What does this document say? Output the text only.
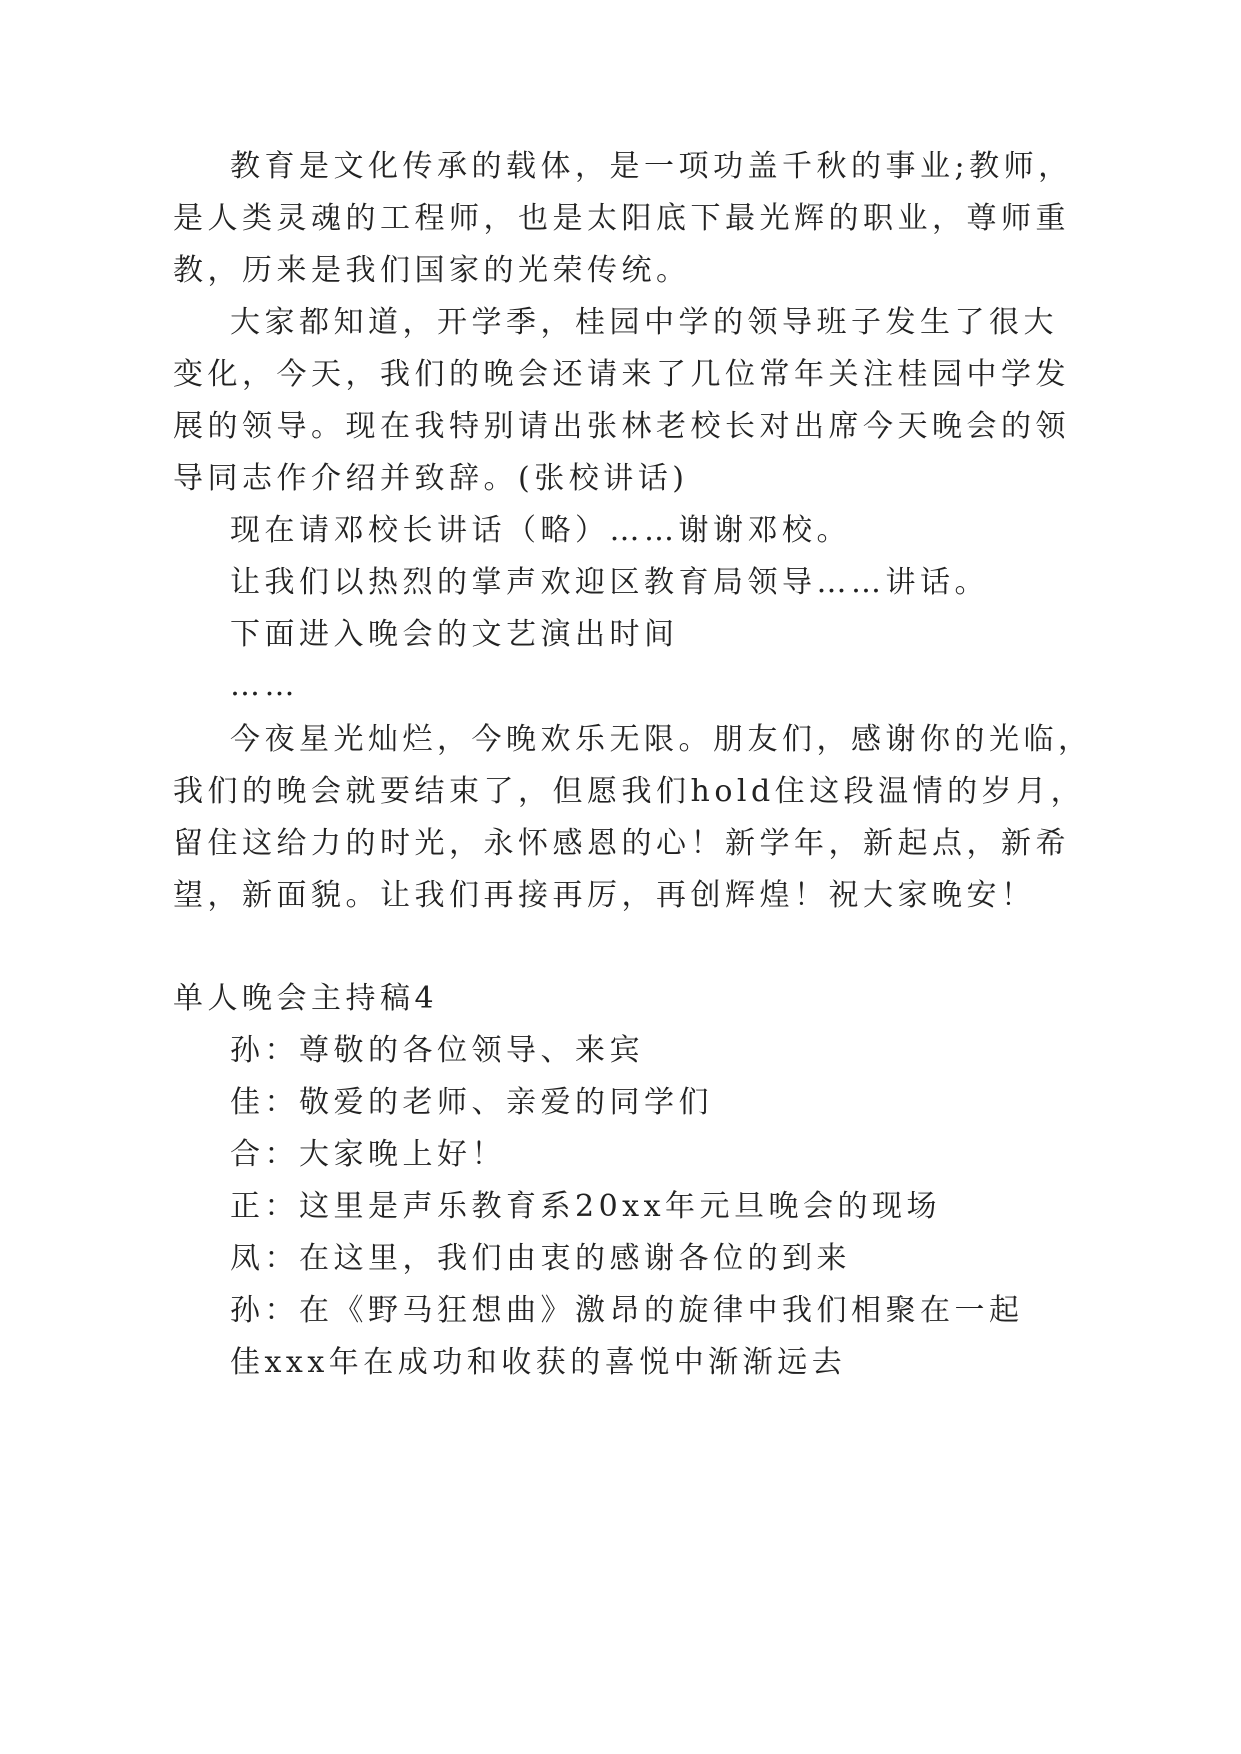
教育是文化传承的载体，是一项功盖千秋的事业;教师，

是人类灵魂的工程师，也是太阳底下最光辉的职业，尊师重

教，历来是我们国家的光荣传统。

大家都知道，开学季，桂园中学的领导班子发生了很大

变化，今天，我们的晚会还请来了几位常年关注桂园中学发

展的领导。现在我特别请出张林老校长对出席今天晚会的领

导同志作介绍并致辞。(张校讲话)

现在请邓校长讲话（略）……谢谢邓校。

让我们以热烈的掌声欢迎区教育局领导……讲话。

下面进入晚会的文艺演出时间

……

今夜星光灿烂，今晚欢乐无限。朋友们，感谢你的光临，

我们的晚会就要结束了，但愿我们hold住这段温情的岁月，

留住这给力的时光，永怀感恩的心！新学年，新起点，新希

望，新面貌。让我们再接再厉，再创辉煌！祝大家晚安！

单人晚会主持稿4

孙：尊敬的各位领导、来宾

佳：敬爱的老师、亲爱的同学们

合：大家晚上好！

正：这里是声乐教育系20xx年元旦晚会的现场

凤：在这里，我们由衷的感谢各位的到来

孙：在《野马狂想曲》激昂的旋律中我们相聚在一起

佳xxx年在成功和收获的喜悦中渐渐远去
